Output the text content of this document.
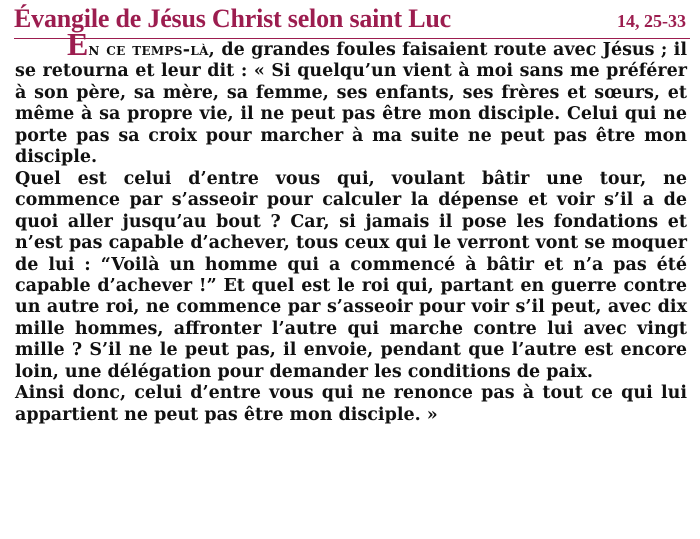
Évangile de Jésus Christ selon saint Luc	14, 25-33

En ce temps-là, de grandes foules faisaient route avec Jésus ; il se retourna et leur dit : « Si quelqu’un vient à moi sans me préférer à son père, sa mère, sa femme, ses enfants, ses frères et sœurs, et même à sa propre vie, il ne peut pas être mon disciple. Celui qui ne porte pas sa croix pour marcher à ma suite ne peut pas être mon disciple.

Quel est celui d’entre vous qui, voulant bâtir une tour, ne commence par s’asseoir pour calculer la dépense et voir s’il a de quoi aller jusqu’au bout ? Car, si jamais il pose les fondations et n’est pas capable d’achever, tous ceux qui le verront vont se moquer de lui : “Voilà un homme qui a commencé à bâtir et n’a pas été capable d’achever !” Et quel est le roi qui, partant en guerre contre un autre roi, ne commence par s’asseoir pour voir s’il peut, avec dix mille hommes, affronter l’autre qui marche contre lui avec vingt mille ? S’il ne le peut pas, il envoie, pendant que l’autre est encore loin, une délégation pour demander les conditions de paix.

Ainsi donc, celui d’entre vous qui ne renonce pas à tout ce qui lui appartient ne peut pas être mon disciple. »
